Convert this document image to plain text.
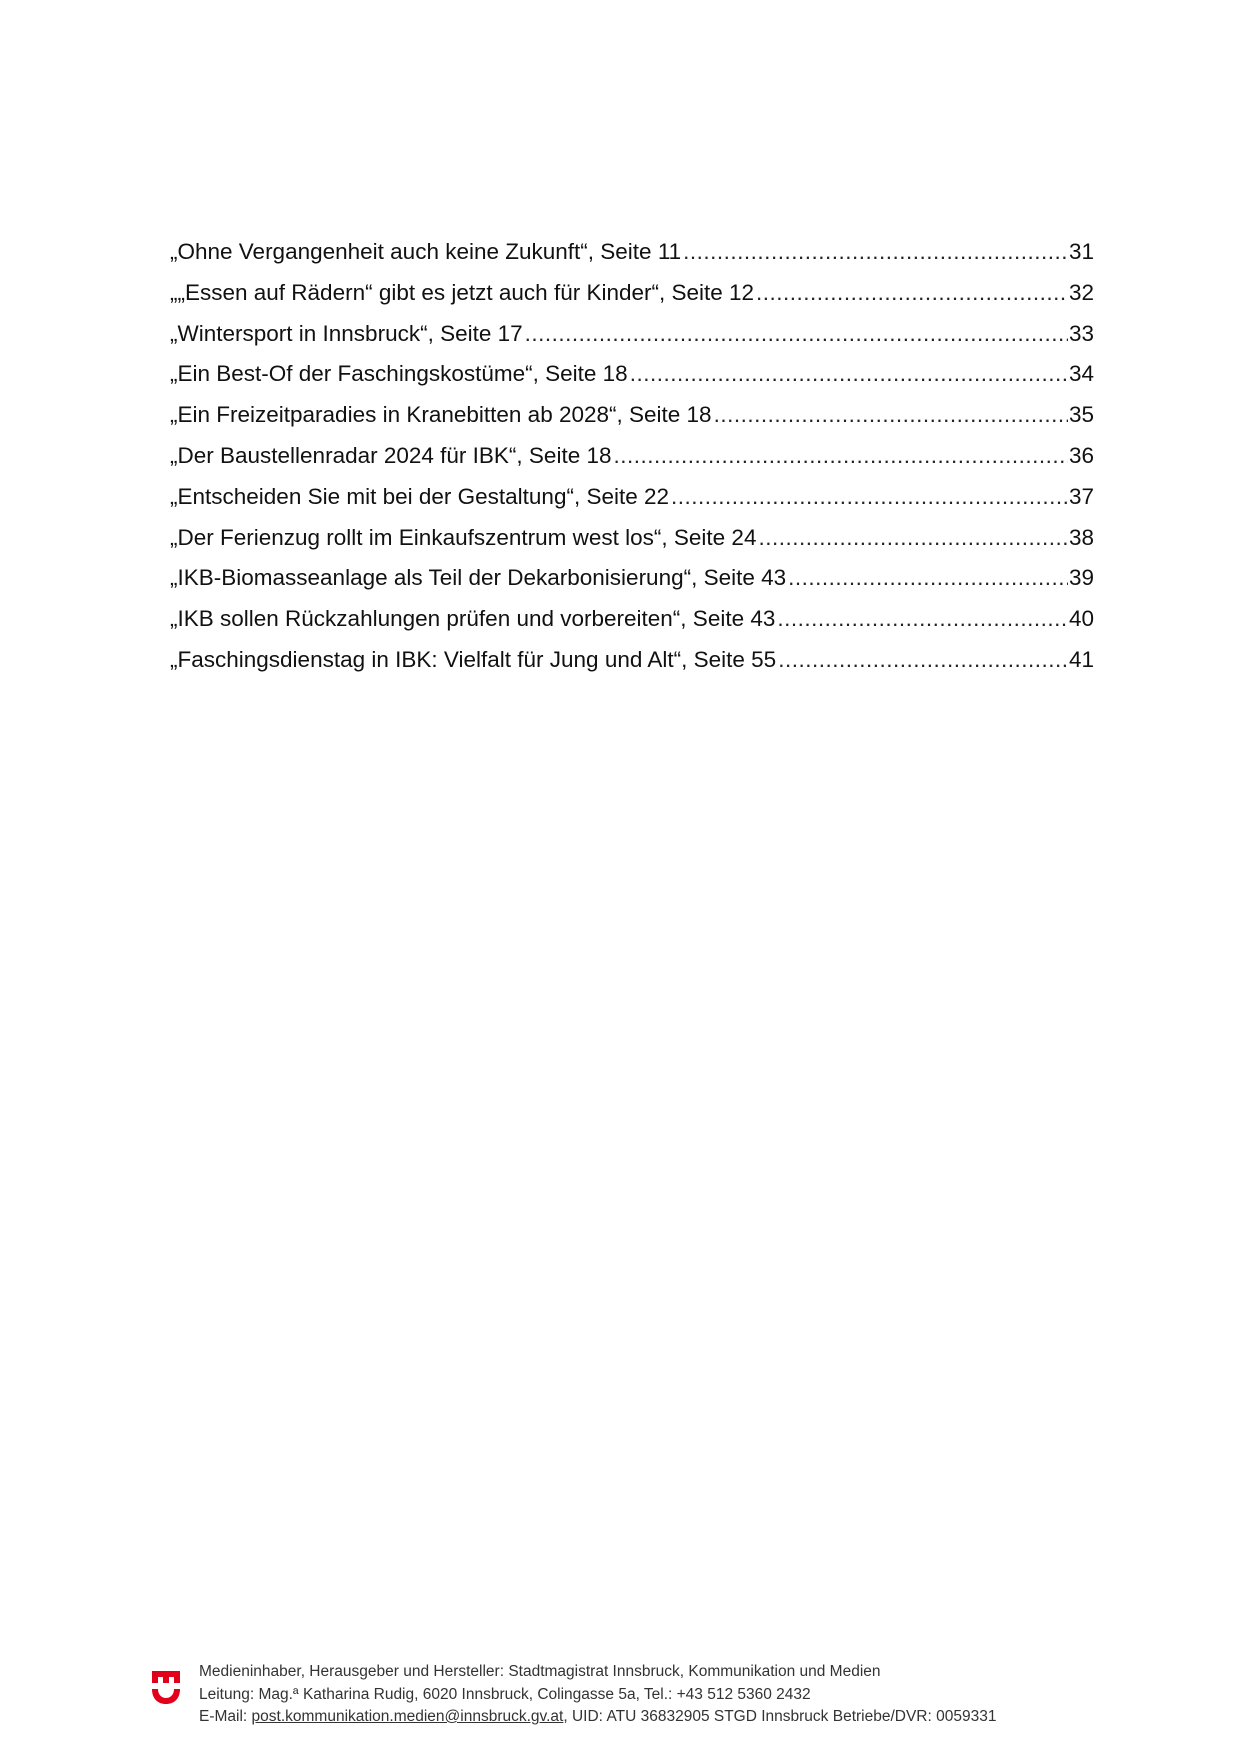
„Ohne Vergangenheit auch keine Zukunft“, Seite 11 .....	31
„„Essen auf Rädern“ gibt es jetzt auch für Kinder“, Seite 12 .....	32
„Wintersport in Innsbruck“, Seite 17 .....	33
„Ein Best-Of der Faschingskostüme“, Seite 18 .....	34
„Ein Freizeitparadies in Kranebitten ab 2028“, Seite 18 .....	35
„Der Baustellenradar 2024 für IBK“, Seite 18 .....	36
„Entscheiden Sie mit bei der Gestaltung“, Seite 22 .....	37
„Der Ferienzug rollt im Einkaufszentrum west los“, Seite 24 .....	38
„IKB-Biomasseanlage als Teil der Dekarbonisierung“, Seite 43 .....	39
„IKB sollen Rückzahlungen prüfen und vorbereiten“, Seite 43 .....	40
„Faschingsdienstag in IBK: Vielfalt für Jung und Alt“, Seite 55 .....	41
Medieninhaber, Herausgeber und Hersteller: Stadtmagistrat Innsbruck, Kommunikation und Medien
Leitung: Mag.ª Katharina Rudig, 6020 Innsbruck, Colingasse 5a, Tel.: +43 512 5360 2432
E-Mail: post.kommunikation.medien@innsbruck.gv.at, UID: ATU 36832905 STGD Innsbruck Betriebe/DVR: 0059331
